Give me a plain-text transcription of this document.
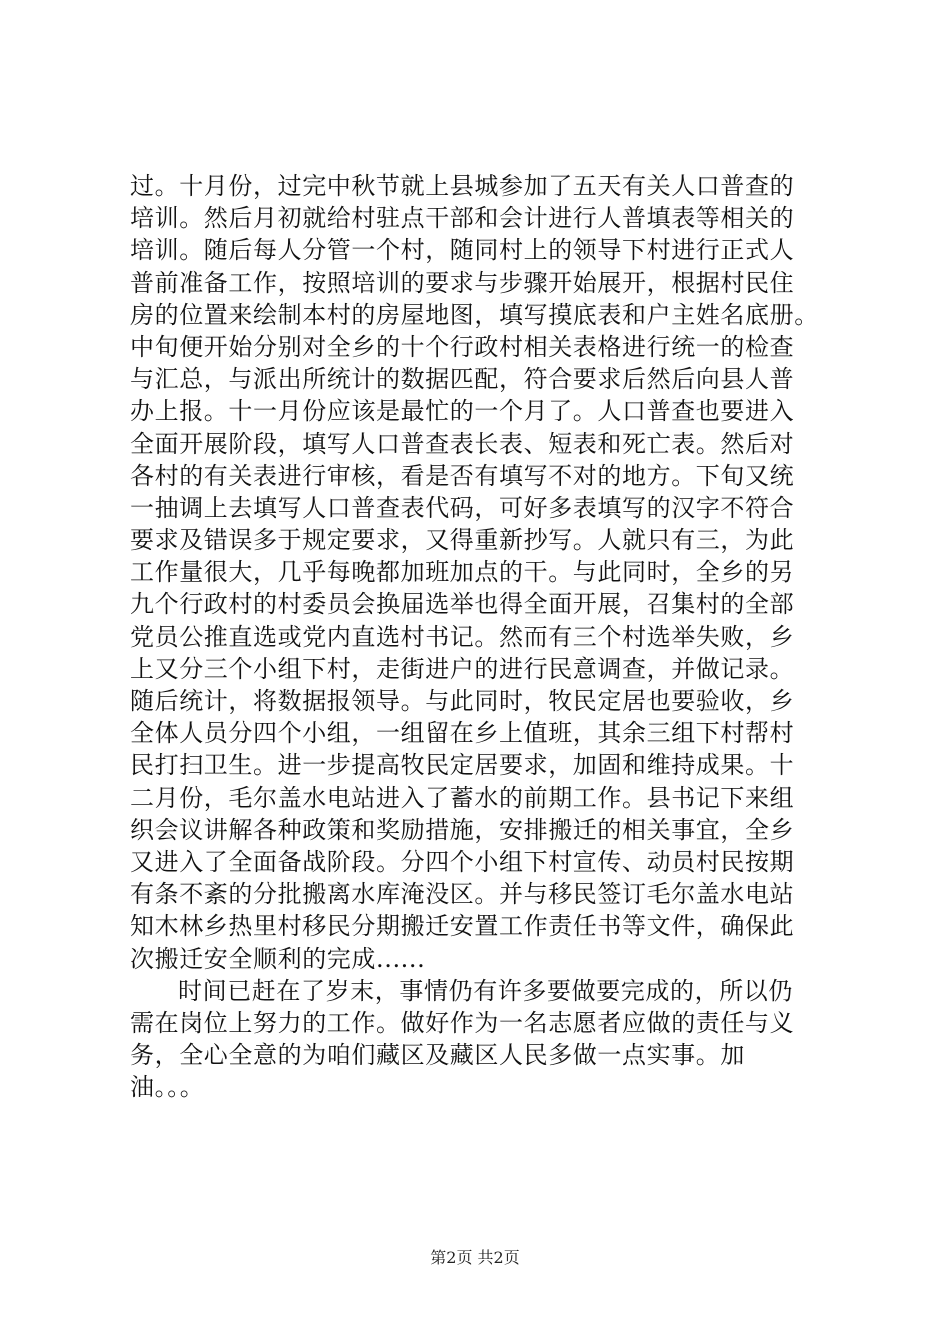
过。十月份，过完中秋节就上县城参加了五天有关人口普查的
培训。然后月初就给村驻点干部和会计进行人普填表等相关的
培训。随后每人分管一个村，随同村上的领导下村进行正式人
普前准备工作，按照培训的要求与步骤开始展开，根据村民住
房的位置来绘制本村的房屋地图，填写摸底表和户主姓名底册。
中旬便开始分别对全乡的十个行政村相关表格进行统一的检查
与汇总，与派出所统计的数据匹配，符合要求后然后向县人普
办上报。十一月份应该是最忙的一个月了。人口普查也要进入
全面开展阶段，填写人口普查表长表、短表和死亡表。然后对
各村的有关表进行审核，看是否有填写不对的地方。下旬又统
一抽调上去填写人口普查表代码，可好多表填写的汉字不符合
要求及错误多于规定要求，又得重新抄写。人就只有三，为此
工作量很大，几乎每晚都加班加点的干。与此同时，全乡的另
九个行政村的村委员会换届选举也得全面开展，召集村的全部
党员公推直选或党内直选村书记。然而有三个村选举失败，乡
上又分三个小组下村，走街进户的进行民意调查，并做记录。
随后统计，将数据报领导。与此同时，牧民定居也要验收，乡
全体人员分四个小组，一组留在乡上值班，其余三组下村帮村
民打扫卫生。进一步提高牧民定居要求，加固和维持成果。十
二月份，毛尔盖水电站进入了蓄水的前期工作。县书记下来组
织会议讲解各种政策和奖励措施，安排搬迁的相关事宜，全乡
又进入了全面备战阶段。分四个小组下村宣传、动员村民按期
有条不紊的分批搬离水库淹没区。并与移民签订毛尔盖水电站
知木林乡热里村移民分期搬迁安置工作责任书等文件，确保此
次搬迁安全顺利的完成......
时间已赶在了岁末，事情仍有许多要做要完成的，所以仍
需在岗位上努力的工作。做好作为一名志愿者应做的责任与义
务，全心全意的为咱们藏区及藏区人民多做一点实事。加
油。。。
第2页 共2页
